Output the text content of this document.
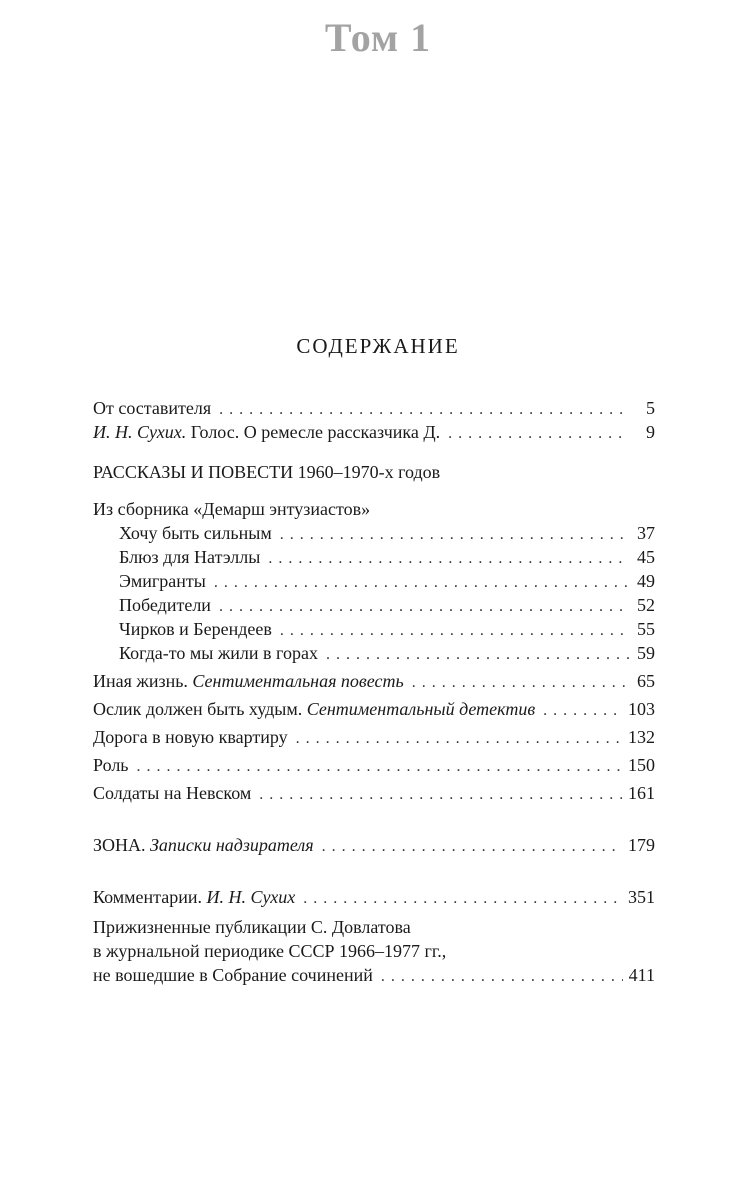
Том 1
СОДЕРЖАНИЕ
От составителя . . .	5
И. Н. Сухих. Голос. О ремесле рассказчика Д. . . .	9
РАССКАЗЫ И ПОВЕСТИ 1960–1970-х годов
Из сборника «Демарш энтузиастов»
Хочу быть сильным . . .	37
Блюз для Натэллы . . .	45
Эмигранты . . .	49
Победители . . .	52
Чирков и Берендеев . . .	55
Когда-то мы жили в горах . . .	59
Иная жизнь. Сентиментальная повесть . . .	65
Ослик должен быть худым. Сентиментальный детектив . . .	103
Дорога в новую квартиру . . .	132
Роль . . .	150
Солдаты на Невском . . .	161
ЗОНА. Записки надзирателя . . .	179
Комментарии. И. Н. Сухих . . .	351
Прижизненные публикации С. Довлатова
в журнальной периодике СССР 1966–1977 гг.,
не вошедшие в Собрание сочинений . . .	411
